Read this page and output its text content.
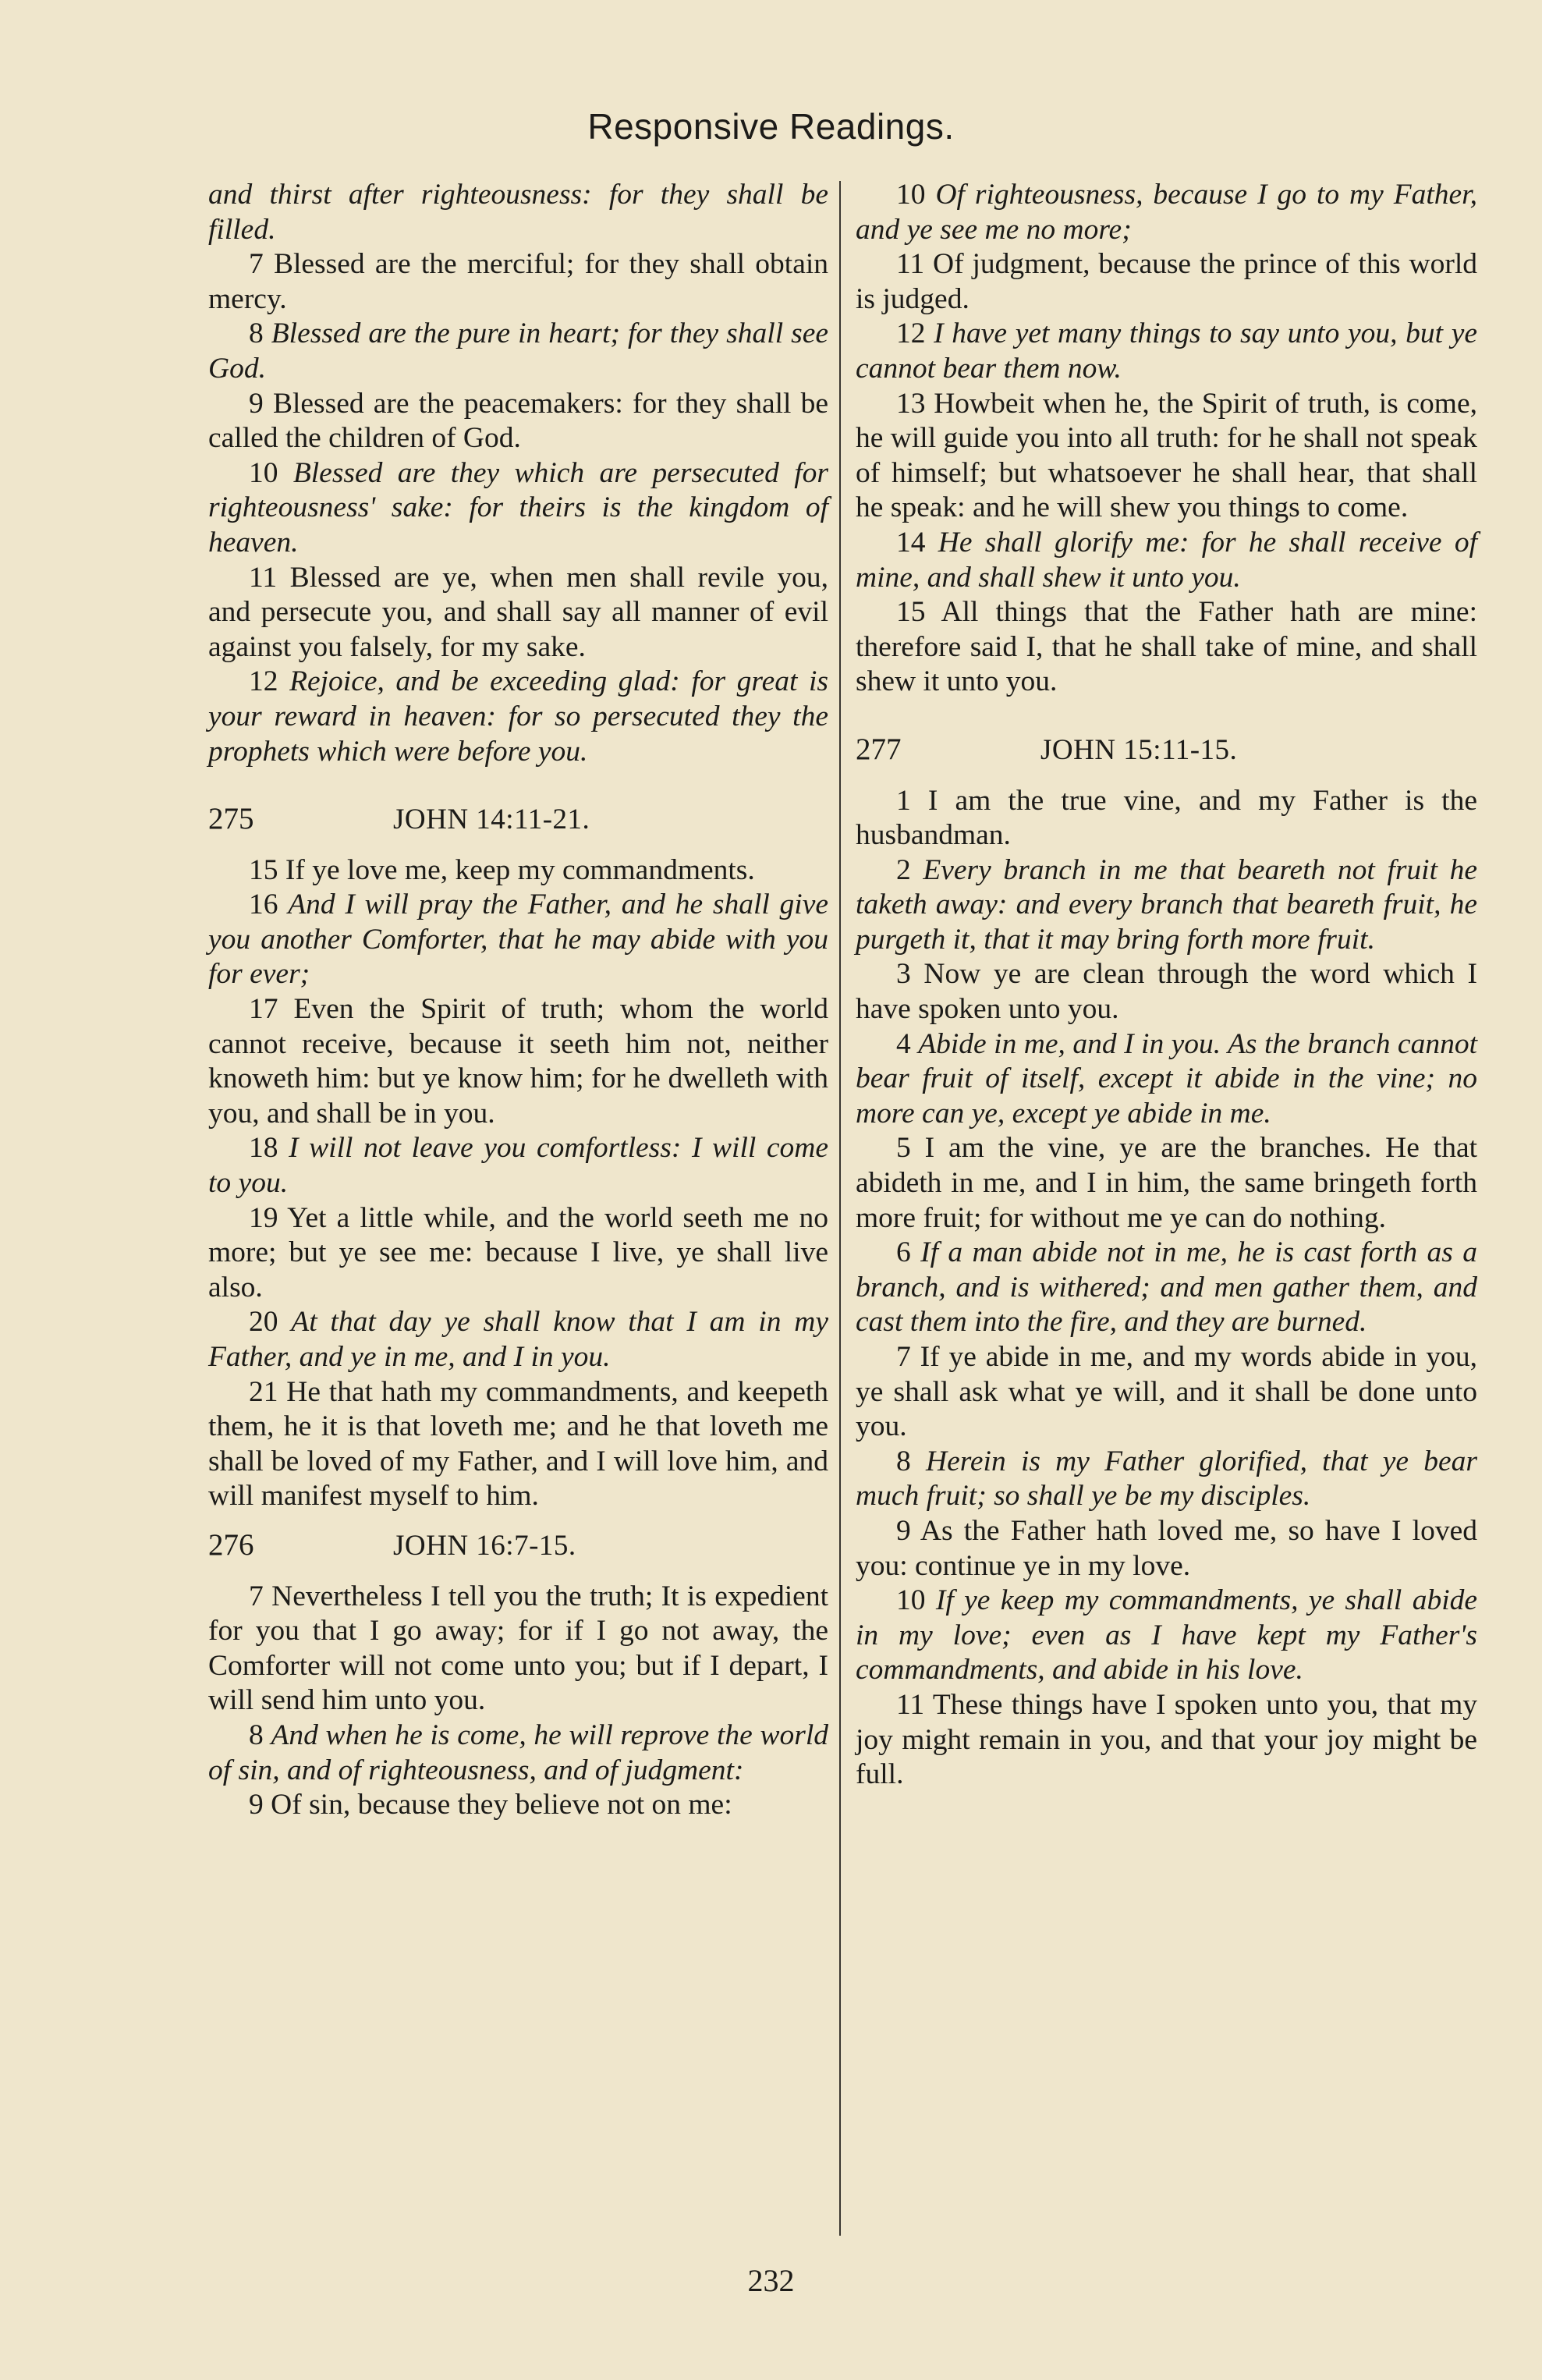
Responsive Readings.

and thirst after righteousness: for they shall be filled.

7 Blessed are the merciful; for they shall obtain mercy.

8 Blessed are the pure in heart; for they shall see God.

9 Blessed are the peacemakers: for they shall be called the children of God.

10 Blessed are they which are persecuted for righteousness' sake: for theirs is the kingdom of heaven.

11 Blessed are ye, when men shall revile you, and persecute you, and shall say all manner of evil against you falsely, for my sake.

12 Rejoice, and be exceeding glad: for great is your reward in heaven: for so persecuted they the prophets which were before you.

275	JOHN 14:11-21.

15 If ye love me, keep my commandments.

16 And I will pray the Father, and he shall give you another Comforter, that he may abide with you for ever;

17 Even the Spirit of truth; whom the world cannot receive, because it seeth him not, neither knoweth him: but ye know him; for he dwelleth with you, and shall be in you.

18 I will not leave you comfortless: I will come to you.

19 Yet a little while, and the world seeth me no more; but ye see me: because I live, ye shall live also.

20 At that day ye shall know that I am in my Father, and ye in me, and I in you.

21 He that hath my commandments, and keepeth them, he it is that loveth me; and he that loveth me shall be loved of my Father, and I will love him, and will manifest myself to him.

276	JOHN 16:7-15.

7 Nevertheless I tell you the truth; It is expedient for you that I go away; for if I go not away, the Comforter will not come unto you; but if I depart, I will send him unto you.

8 And when he is come, he will reprove the world of sin, and of righteousness, and of judgment:

9 Of sin, because they believe not on me:

10 Of righteousness, because I go to my Father, and ye see me no more;

11 Of judgment, because the prince of this world is judged.

12 I have yet many things to say unto you, but ye cannot bear them now.

13 Howbeit when he, the Spirit of truth, is come, he will guide you into all truth: for he shall not speak of himself; but whatsoever he shall hear, that shall he speak: and he will shew you things to come.

14 He shall glorify me: for he shall receive of mine, and shall shew it unto you.

15 All things that the Father hath are mine: therefore said I, that he shall take of mine, and shall shew it unto you.

277	JOHN 15:11-15.

1 I am the true vine, and my Father is the husbandman.

2 Every branch in me that beareth not fruit he taketh away: and every branch that beareth fruit, he purgeth it, that it may bring forth more fruit.

3 Now ye are clean through the word which I have spoken unto you.

4 Abide in me, and I in you. As the branch cannot bear fruit of itself, except it abide in the vine; no more can ye, except ye abide in me.

5 I am the vine, ye are the branches. He that abideth in me, and I in him, the same bringeth forth more fruit; for without me ye can do nothing.

6 If a man abide not in me, he is cast forth as a branch, and is withered; and men gather them, and cast them into the fire, and they are burned.

7 If ye abide in me, and my words abide in you, ye shall ask what ye will, and it shall be done unto you.

8 Herein is my Father glorified, that ye bear much fruit; so shall ye be my disciples.

9 As the Father hath loved me, so have I loved you: continue ye in my love.

10 If ye keep my commandments, ye shall abide in my love; even as I have kept my Father's commandments, and abide in his love.

11 These things have I spoken unto you, that my joy might remain in you, and that your joy might be full.

232
